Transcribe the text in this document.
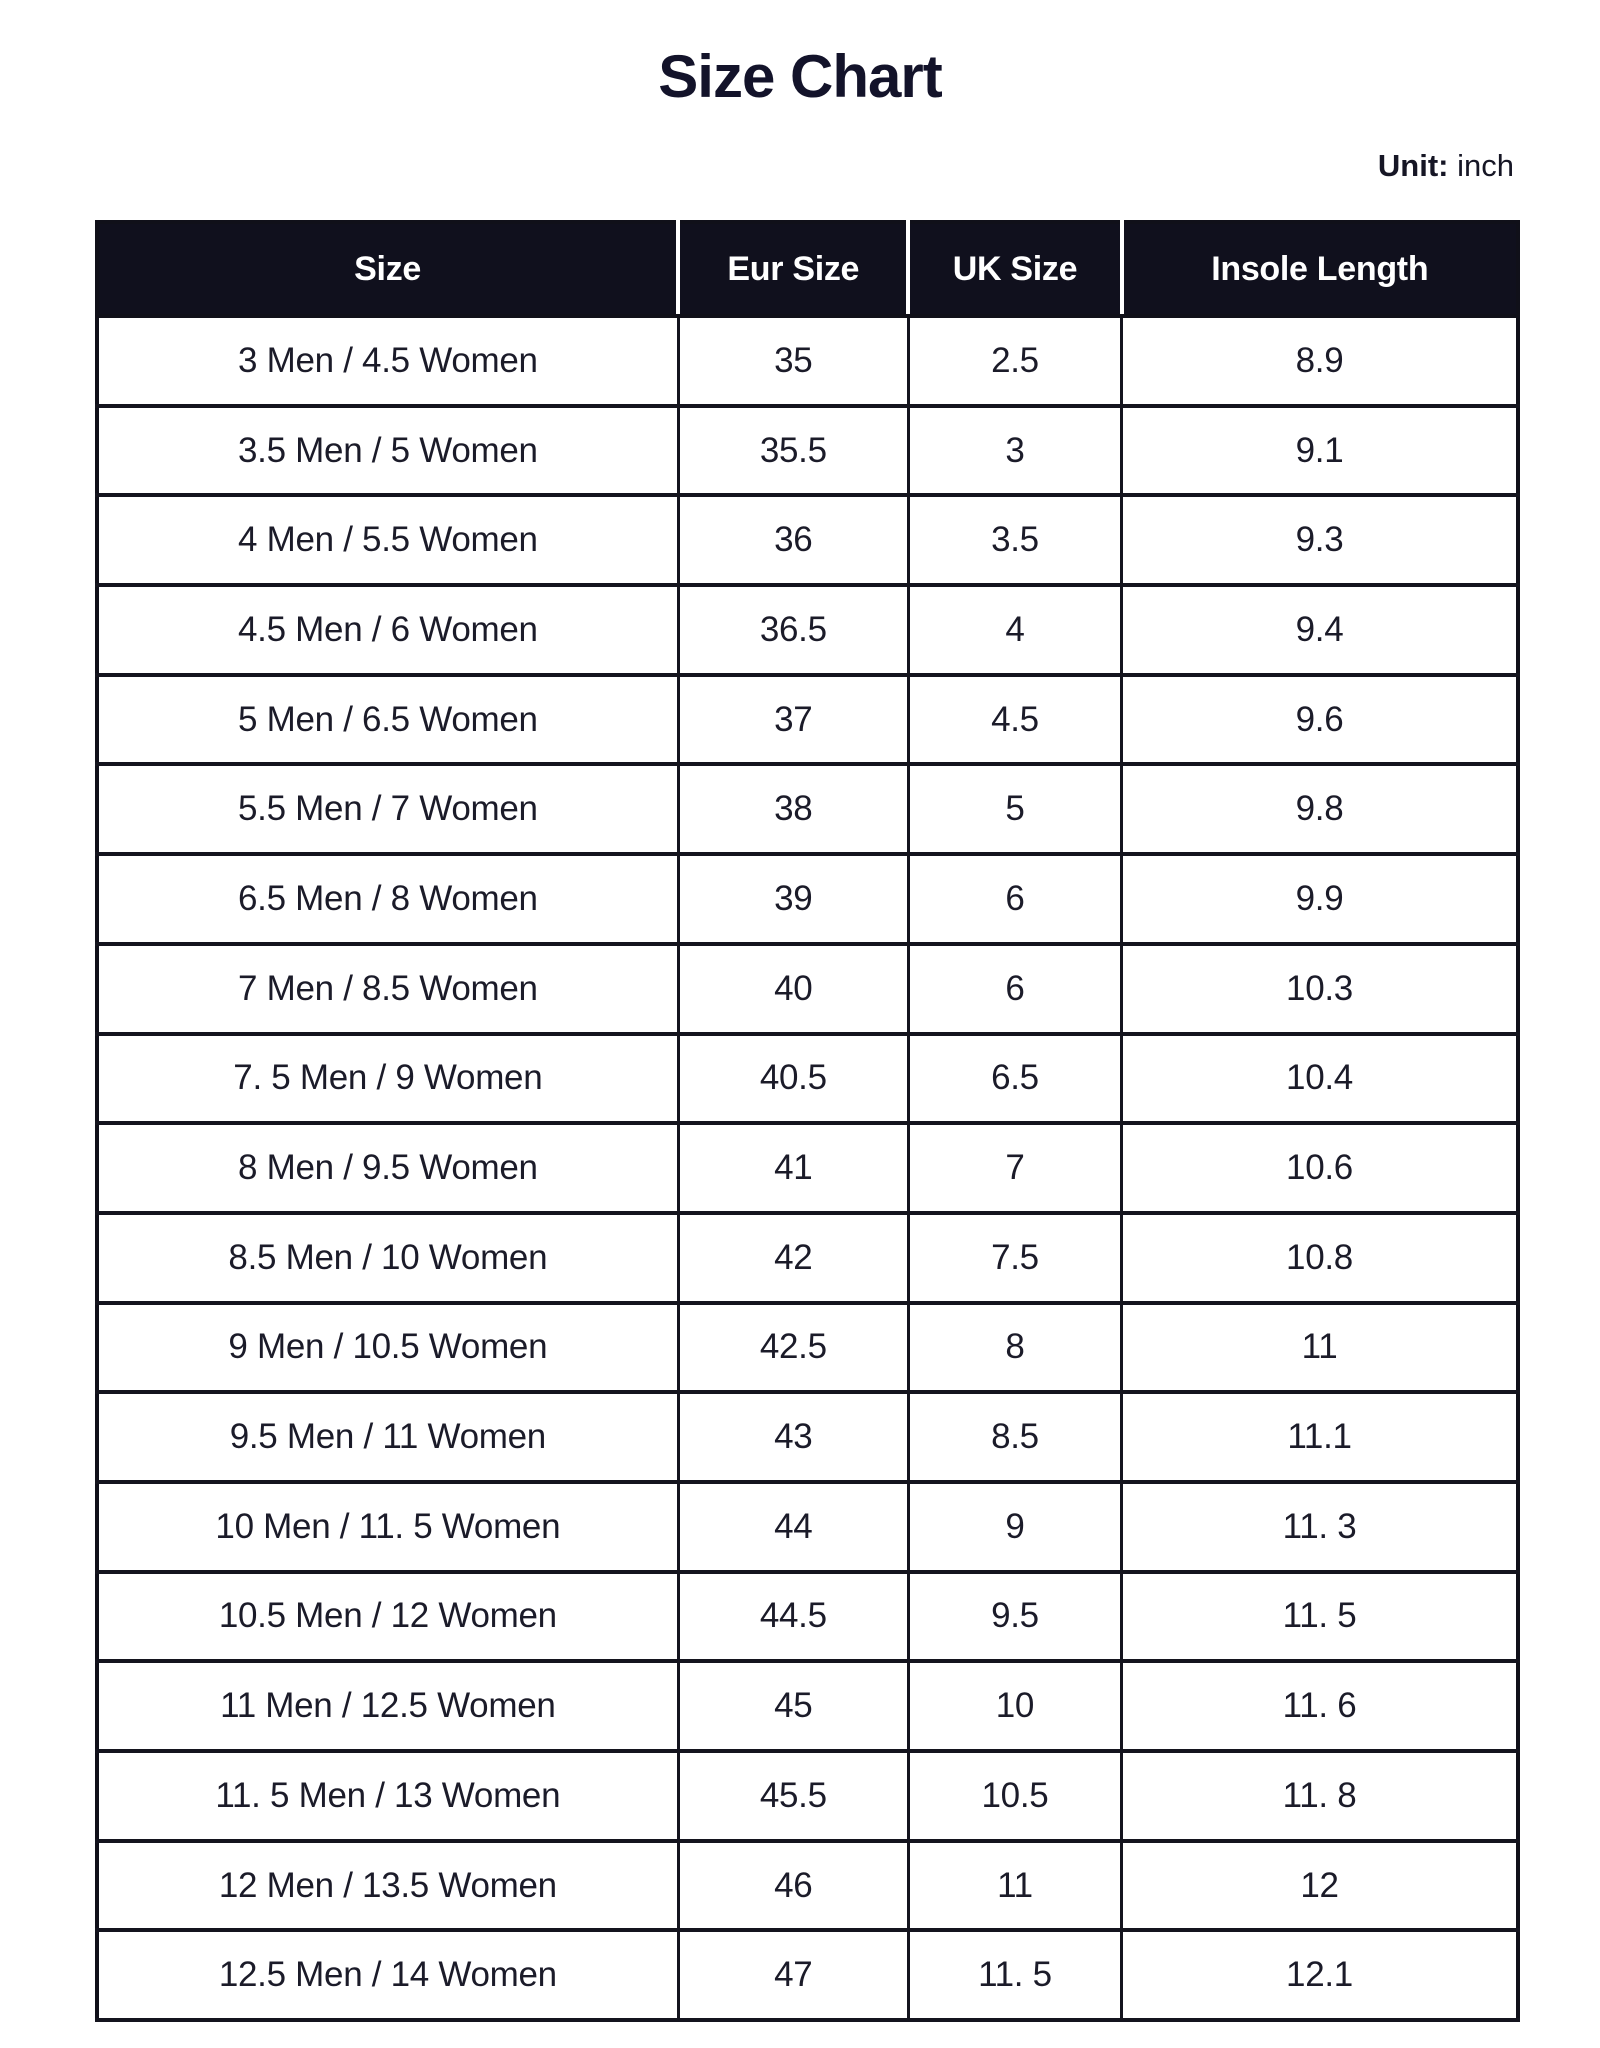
Size Chart
Unit: inch
Size	Eur Size	UK Size	Insole Length
3 Men / 4.5 Women	35	2.5	8.9
3.5 Men / 5 Women	35.5	3	9.1
4 Men / 5.5 Women	36	3.5	9.3
4.5 Men / 6 Women	36.5	4	9.4
5 Men / 6.5 Women	37	4.5	9.6
5.5 Men / 7 Women	38	5	9.8
6.5 Men / 8 Women	39	6	9.9
7 Men / 8.5 Women	40	6	10.3
7. 5 Men / 9 Women	40.5	6.5	10.4
8 Men / 9.5 Women	41	7	10.6
8.5 Men / 10 Women	42	7.5	10.8
9 Men / 10.5 Women	42.5	8	11
9.5 Men / 11 Women	43	8.5	11.1
10 Men / 11. 5 Women	44	9	11. 3
10.5 Men / 12 Women	44.5	9.5	11. 5
11 Men / 12.5 Women	45	10	11. 6
11. 5 Men / 13 Women	45.5	10.5	11. 8
12 Men / 13.5 Women	46	11	12
12.5 Men / 14 Women	47	11. 5	12.1
